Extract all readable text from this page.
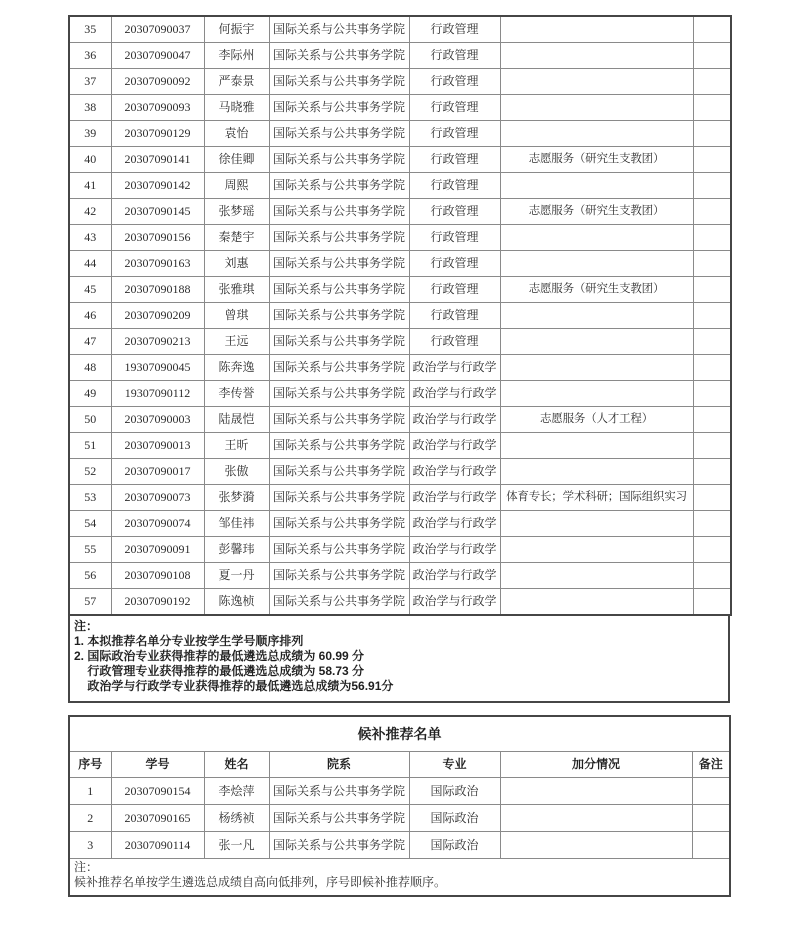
35	20307090037	何振宇	国际关系与公共事务学院	行政管理		
36	20307090047	李际州	国际关系与公共事务学院	行政管理		
37	20307090092	严泰景	国际关系与公共事务学院	行政管理		
38	20307090093	马晓雅	国际关系与公共事务学院	行政管理		
39	20307090129	袁怡	国际关系与公共事务学院	行政管理		
40	20307090141	徐佳卿	国际关系与公共事务学院	行政管理	志愿服务（研究生支教团）	
41	20307090142	周熙	国际关系与公共事务学院	行政管理		
42	20307090145	张梦瑶	国际关系与公共事务学院	行政管理	志愿服务（研究生支教团）	
43	20307090156	秦楚宇	国际关系与公共事务学院	行政管理		
44	20307090163	刘惠	国际关系与公共事务学院	行政管理		
45	20307090188	张雅琪	国际关系与公共事务学院	行政管理	志愿服务（研究生支教团）	
46	20307090209	曾琪	国际关系与公共事务学院	行政管理		
47	20307090213	王远	国际关系与公共事务学院	行政管理		
48	19307090045	陈奔逸	国际关系与公共事务学院	政治学与行政学		
49	19307090112	李传誉	国际关系与公共事务学院	政治学与行政学		
50	20307090003	陆晟恺	国际关系与公共事务学院	政治学与行政学	志愿服务（人才工程）	
51	20307090013	王昕	国际关系与公共事务学院	政治学与行政学		
52	20307090017	张傲	国际关系与公共事务学院	政治学与行政学		
53	20307090073	张梦漪	国际关系与公共事务学院	政治学与行政学	体育专长；学术科研；国际组织实习	
54	20307090074	邹佳祎	国际关系与公共事务学院	政治学与行政学		
55	20307090091	彭馨玮	国际关系与公共事务学院	政治学与行政学		
56	20307090108	夏一丹	国际关系与公共事务学院	政治学与行政学		
57	20307090192	陈逸桢	国际关系与公共事务学院	政治学与行政学		
注：
1. 本拟推荐名单分专业按学生学号顺序排列
2. 国际政治专业获得推荐的最低遴选总成绩为 60.99 分
行政管理专业获得推荐的最低遴选总成绩为 58.73 分
政治学与行政学专业获得推荐的最低遴选总成绩为56.91分
候补推荐名单						
序号	学号	姓名	院系	专业	加分情况	备注
1	20307090154	李烩萍	国际关系与公共事务学院	国际政治		
2	20307090165	杨绣祯	国际关系与公共事务学院	国际政治		
3	20307090114	张一凡	国际关系与公共事务学院	国际政治		

注：
候补推荐名单按学生遴选总成绩自高向低排列，序号即候补推荐顺序。						
